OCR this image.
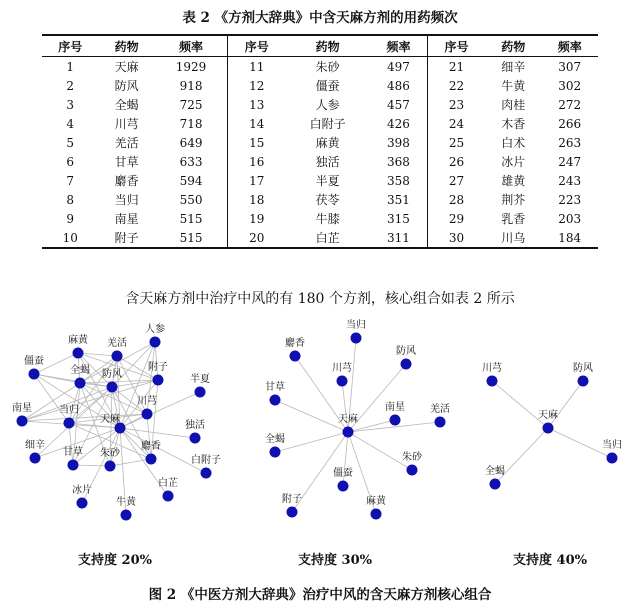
表 2 《方剂大辞典》中含天麻方剂的用药频次
序号	药物	频率	序号	药物	频率	序号	药物	频率
1	天麻	1929	11	朱砂	497	21	细辛	307
2	防风	918	12	僵蚕	486	22	牛黄	302
3	全蝎	725	13	人参	457	23	肉桂	272
4	川芎	718	14	白附子	426	24	木香	266
5	羌活	649	15	麻黄	398	25	白术	263
6	甘草	633	16	独活	368	26	冰片	247
7	麝香	594	17	半夏	358	27	雄黄	243
8	当归	550	18	茯苓	351	28	荆芥	223
9	南星	515	19	牛膝	315	29	乳香	203
10	附子	515	20	白芷	311	30	川乌	184
含天麻方剂中治疗中风的有 180 个方剂，核心组合如表 2 所示
天麻
防风
全蝎
羌活
麻黄
僵蚕
人参
附子
半夏
川芎
南星	当归
独活
细辛
甘草 朱砂
麝香
白附子
冰片
牛黄
白芷
天麻
当归
麝香
防风
川芎
甘草
南星	羌活
全蝎
朱砂
僵蚕
附子	麻黄
天麻
川芎	防风
当归
全蝎
支持度 20%	支持度 30%	支持度 40%
图 2 《中医方剂大辞典》治疗中风的含天麻方剂核心组合
